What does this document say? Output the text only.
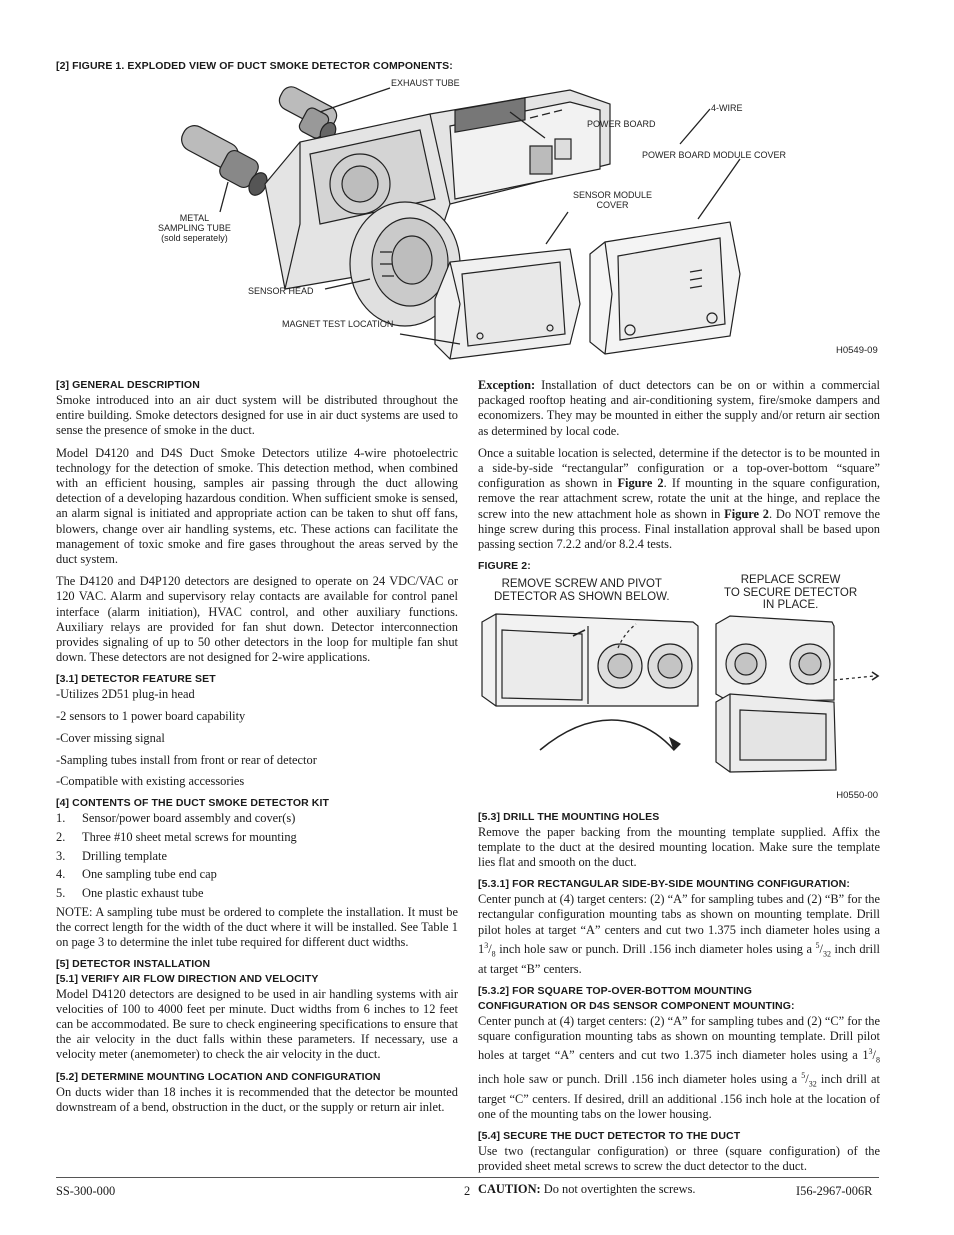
[2] FIGURE 1. EXPLODED VIEW OF DUCT SMOKE DETECTOR COMPONENTS:
EXHAUST TUBE
4-WIRE
POWER BOARD
POWER BOARD MODULE COVER
SENSOR MODULE
COVER
METAL
SAMPLING TUBE
(sold seperately)
SENSOR HEAD
MAGNET TEST LOCATION
H0549-09
[3] GENERAL DESCRIPTION
Smoke introduced into an air duct system will be distributed throughout the entire building. Smoke detectors designed for use in air duct systems are used to sense the presence of smoke in the duct.
Model D4120 and D4S Duct Smoke Detectors utilize 4-wire photoelectric technology for the detection of smoke. This detection method, when combined with an efficient housing, samples air passing through the duct allowing detection of a developing hazardous condition. When sufficient smoke is sensed, an alarm signal is initiated and appropriate action can be taken to shut off fans, blowers, change over air handling systems, etc. These actions can facilitate the management of toxic smoke and fire gases throughout the areas served by the duct system.
The D4120 and D4P120 detectors are designed to operate on 24 VDC/VAC or 120 VAC. Alarm and supervisory relay contacts are available for control panel interface (alarm initiation), HVAC control, and other auxiliary functions. Auxiliary relays are provided for fan shut down. Detector interconnection provides signaling of up to 50 other detectors in the loop for multiple fan shut down. These detectors are not designed for 2-wire applications.
[3.1] DETECTOR FEATURE SET
-Utilizes 2D51 plug-in head
-2 sensors to 1 power board capability
-Cover missing signal
-Sampling tubes install from front or rear of detector
-Compatible with existing accessories
[4] CONTENTS OF THE DUCT SMOKE DETECTOR KIT
1.	Sensor/power board assembly and cover(s)
2.	Three #10 sheet metal screws for mounting
3.	Drilling template
4.	One sampling tube end cap
5.	One plastic exhaust tube
NOTE: A sampling tube must be ordered to complete the installation. It must be the correct length for the width of the duct where it will be installed. See Table 1 on page 3 to determine the inlet tube required for different duct widths.
[5] DETECTOR INSTALLATION
[5.1] VERIFY AIR FLOW DIRECTION AND VELOCITY
Model D4120 detectors are designed to be used in air handling systems with air velocities of 100 to 4000 feet per minute. Duct widths from 6 inches to 12 feet can be accommodated. Be sure to check engineering specifications to ensure that the air velocity in the duct falls within these parameters. If necessary, use a velocity meter (anemometer) to check the air velocity in the duct.
[5.2] DETERMINE MOUNTING LOCATION AND CONFIGURATION
On ducts wider than 18 inches it is recommended that the detector be mounted downstream of a bend, obstruction in the duct, or the supply or return air inlet.
Exception: Installation of duct detectors can be on or within a commercial packaged rooftop heating and air-conditioning system, fire/smoke dampers and economizers. They may be mounted in either the supply and/or return air section as determined by local code.
Once a suitable location is selected, determine if the detector is to be mounted in a side-by-side “rectangular” configuration or a top-over-bottom “square” configuration as shown in Figure 2. If mounting in the square configuration, remove the rear attachment screw, rotate the unit at the hinge, and replace the screw into the new attachment hole as shown in Figure 2. Do NOT remove the hinge screw during this process. Final installation approval shall be based upon passing section 7.2.2 and/or 8.2.4 tests.
FIGURE 2:
REMOVE SCREW AND PIVOT
DETECTOR AS SHOWN BELOW.
REPLACE SCREW
TO SECURE DETECTOR
IN PLACE.
H0550-00
[5.3] DRILL THE MOUNTING HOLES
Remove the paper backing from the mounting template supplied. Affix the template to the duct at the desired mounting location. Make sure the template lies flat and smooth on the duct.
[5.3.1] FOR RECTANGULAR SIDE-BY-SIDE MOUNTING CONFIGURATION:
Center punch at (4) target centers: (2) “A” for sampling tubes and (2) “B” for the rectangular configuration mounting tabs as shown on mounting template. Drill pilot holes at target “A” centers and cut two 1.375 inch diameter holes using a $1^3/_8$ inch hole saw or punch. Drill .156 inch diameter holes using a $^5/_{32}$ inch drill at target “B” centers.
[5.3.2] FOR SQUARE TOP-OVER-BOTTOM MOUNTING
CONFIGURATION OR D4S SENSOR COMPONENT MOUNTING:
Center punch at (4) target centers: (2) “A” for sampling tubes and (2) “C” for the square configuration mounting tabs as shown on mounting template. Drill pilot holes at target “A” centers and cut two 1.375 inch diameter holes using a $1^3/_8$ inch hole saw or punch. Drill .156 inch diameter holes using a $^5/_{32}$ inch drill at target “C” centers. If desired, drill an additional .156 inch hole at the location of one of the mounting tabs on the lower housing.
[5.4] SECURE THE DUCT DETECTOR TO THE DUCT
Use two (rectangular configuration) or three (square configuration) of the provided sheet metal screws to screw the duct detector to the duct.
CAUTION: Do not overtighten the screws.
SS-300-000	2	I56-2967-006R
